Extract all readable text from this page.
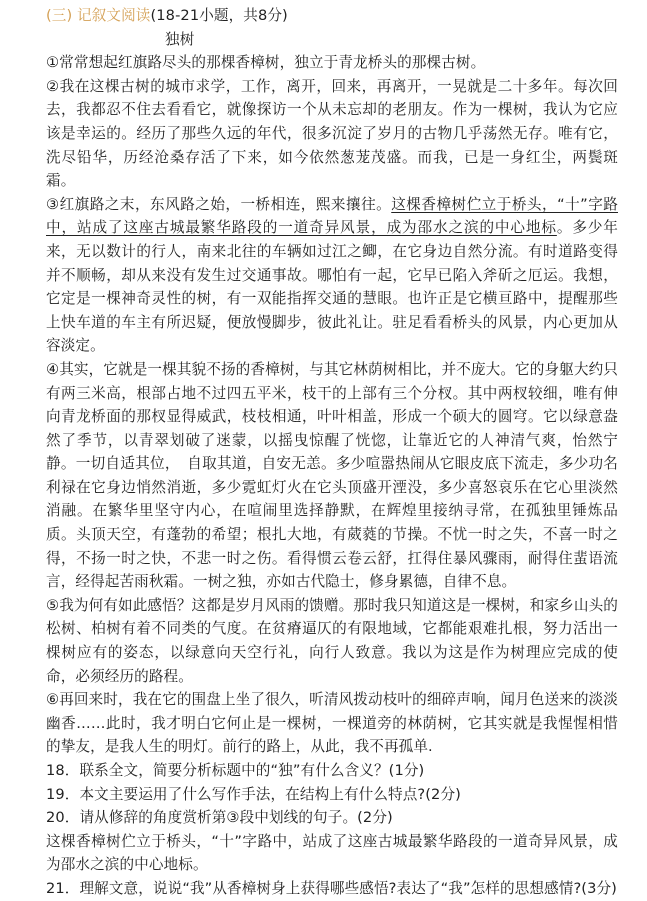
(三) 记叙文阅读(18-21小题，共8分)
独树

①常常想起红旗路尽头的那棵香樟树，独立于青龙桥头的那棵古树。

②我在这棵古树的城市求学，工作，离开，回来，再离开，一晃就是二十多年。每次回去，我都忍不住去看看它，就像探访一个从未忘却的老朋友。作为一棵树，我认为它应该是幸运的。经历了那些久远的年代，很多沉淀了岁月的古物几乎荡然无存。唯有它，洗尽铅华，历经沧桑存活了下来，如今依然葱茏茂盛。而我，已是一身红尘，两鬓斑霜。

③红旗路之末，东风路之始，一桥相连，熙来攘往。这棵香樟树伫立于桥头，“十”字路中，站成了这座古城最繁华路段的一道奇异风景，成为邵水之滨的中心地标。多少年来，无以数计的行人，南来北往的车辆如过江之鲫，在它身边自然分流。有时道路变得并不顺畅，却从来没有发生过交通事故。哪怕有一起，它早已陷入斧斫之厄运。我想，它定是一棵神奇灵性的树，有一双能指挥交通的慧眼。也许正是它横亘路中，提醒那些上快车道的车主有所迟疑，便放慢脚步，彼此礼让。驻足看看桥头的风景，内心更加从容淡定。

④其实，它就是一棵其貌不扬的香樟树，与其它林荫树相比，并不庞大。它的身躯大约只有两三米高，根部占地不过四五平米，枝干的上部有三个分杈。其中两杈较细，唯有伸向青龙桥面的那杈显得威武，枝枝相通，叶叶相盖，形成一个硕大的圆穹。它以绿意盎然了季节，以青翠划破了迷蒙，以摇曳惊醒了恍惚，让靠近它的人神清气爽，怡然宁静。一切自适其位，　自取其道，自安无恙。多少喧嚣热闹从它眼皮底下流走，多少功名利禄在它身边悄然消逝，多少霓虹灯火在它头顶盛开湮没，多少喜怒哀乐在它心里淡然消融。在繁华里坚守内心，在喧闹里选择静默，在辉煌里接纳寻常，在孤独里锤炼品质。头顶天空，有蓬勃的希望；根扎大地，有葳蕤的节操。不忧一时之失，不喜一时之得，不扬一时之快，不悲一时之伤。看得惯云卷云舒，扛得住暴风骤雨，耐得住蜚语流言，经得起苦雨秋霜。一树之独，亦如古代隐士，修身累德，自律不息。

⑤我为何有如此感悟？这都是岁月风雨的馈赠。那时我只知道这是一棵树，和家乡山头的松树、柏树有着不同类的气度。在贫瘠逼仄的有限地域，它都能艰难扎根，努力活出一棵树应有的姿态，以绿意向天空行礼，向行人致意。我以为这是作为树理应完成的使命，必须经历的路程。

⑥再回来时，我在它的围盘上坐了很久，听清风拨动枝叶的细碎声响，闻月色送来的淡淡幽香……此时，我才明白它何止是一棵树，一棵道旁的林荫树，它其实就是我惺惺相惜的挚友，是我人生的明灯。前行的路上，从此，我不再孤单.

18．联系全文，简要分析标题中的“独”有什么含义？(1分)
19．本文主要运用了什么写作手法，在结构上有什么特点?(2分)
20．请从修辞的角度赏析第③段中划线的句子。(2分)

这棵香樟树伫立于桥头，“十”字路中，站成了这座古城最繁华路段的一道奇异风景，成为邵水之滨的中心地标。

21．理解文意，说说“我”从香樟树身上获得哪些感悟?表达了“我”怎样的思想感情?(3分)
